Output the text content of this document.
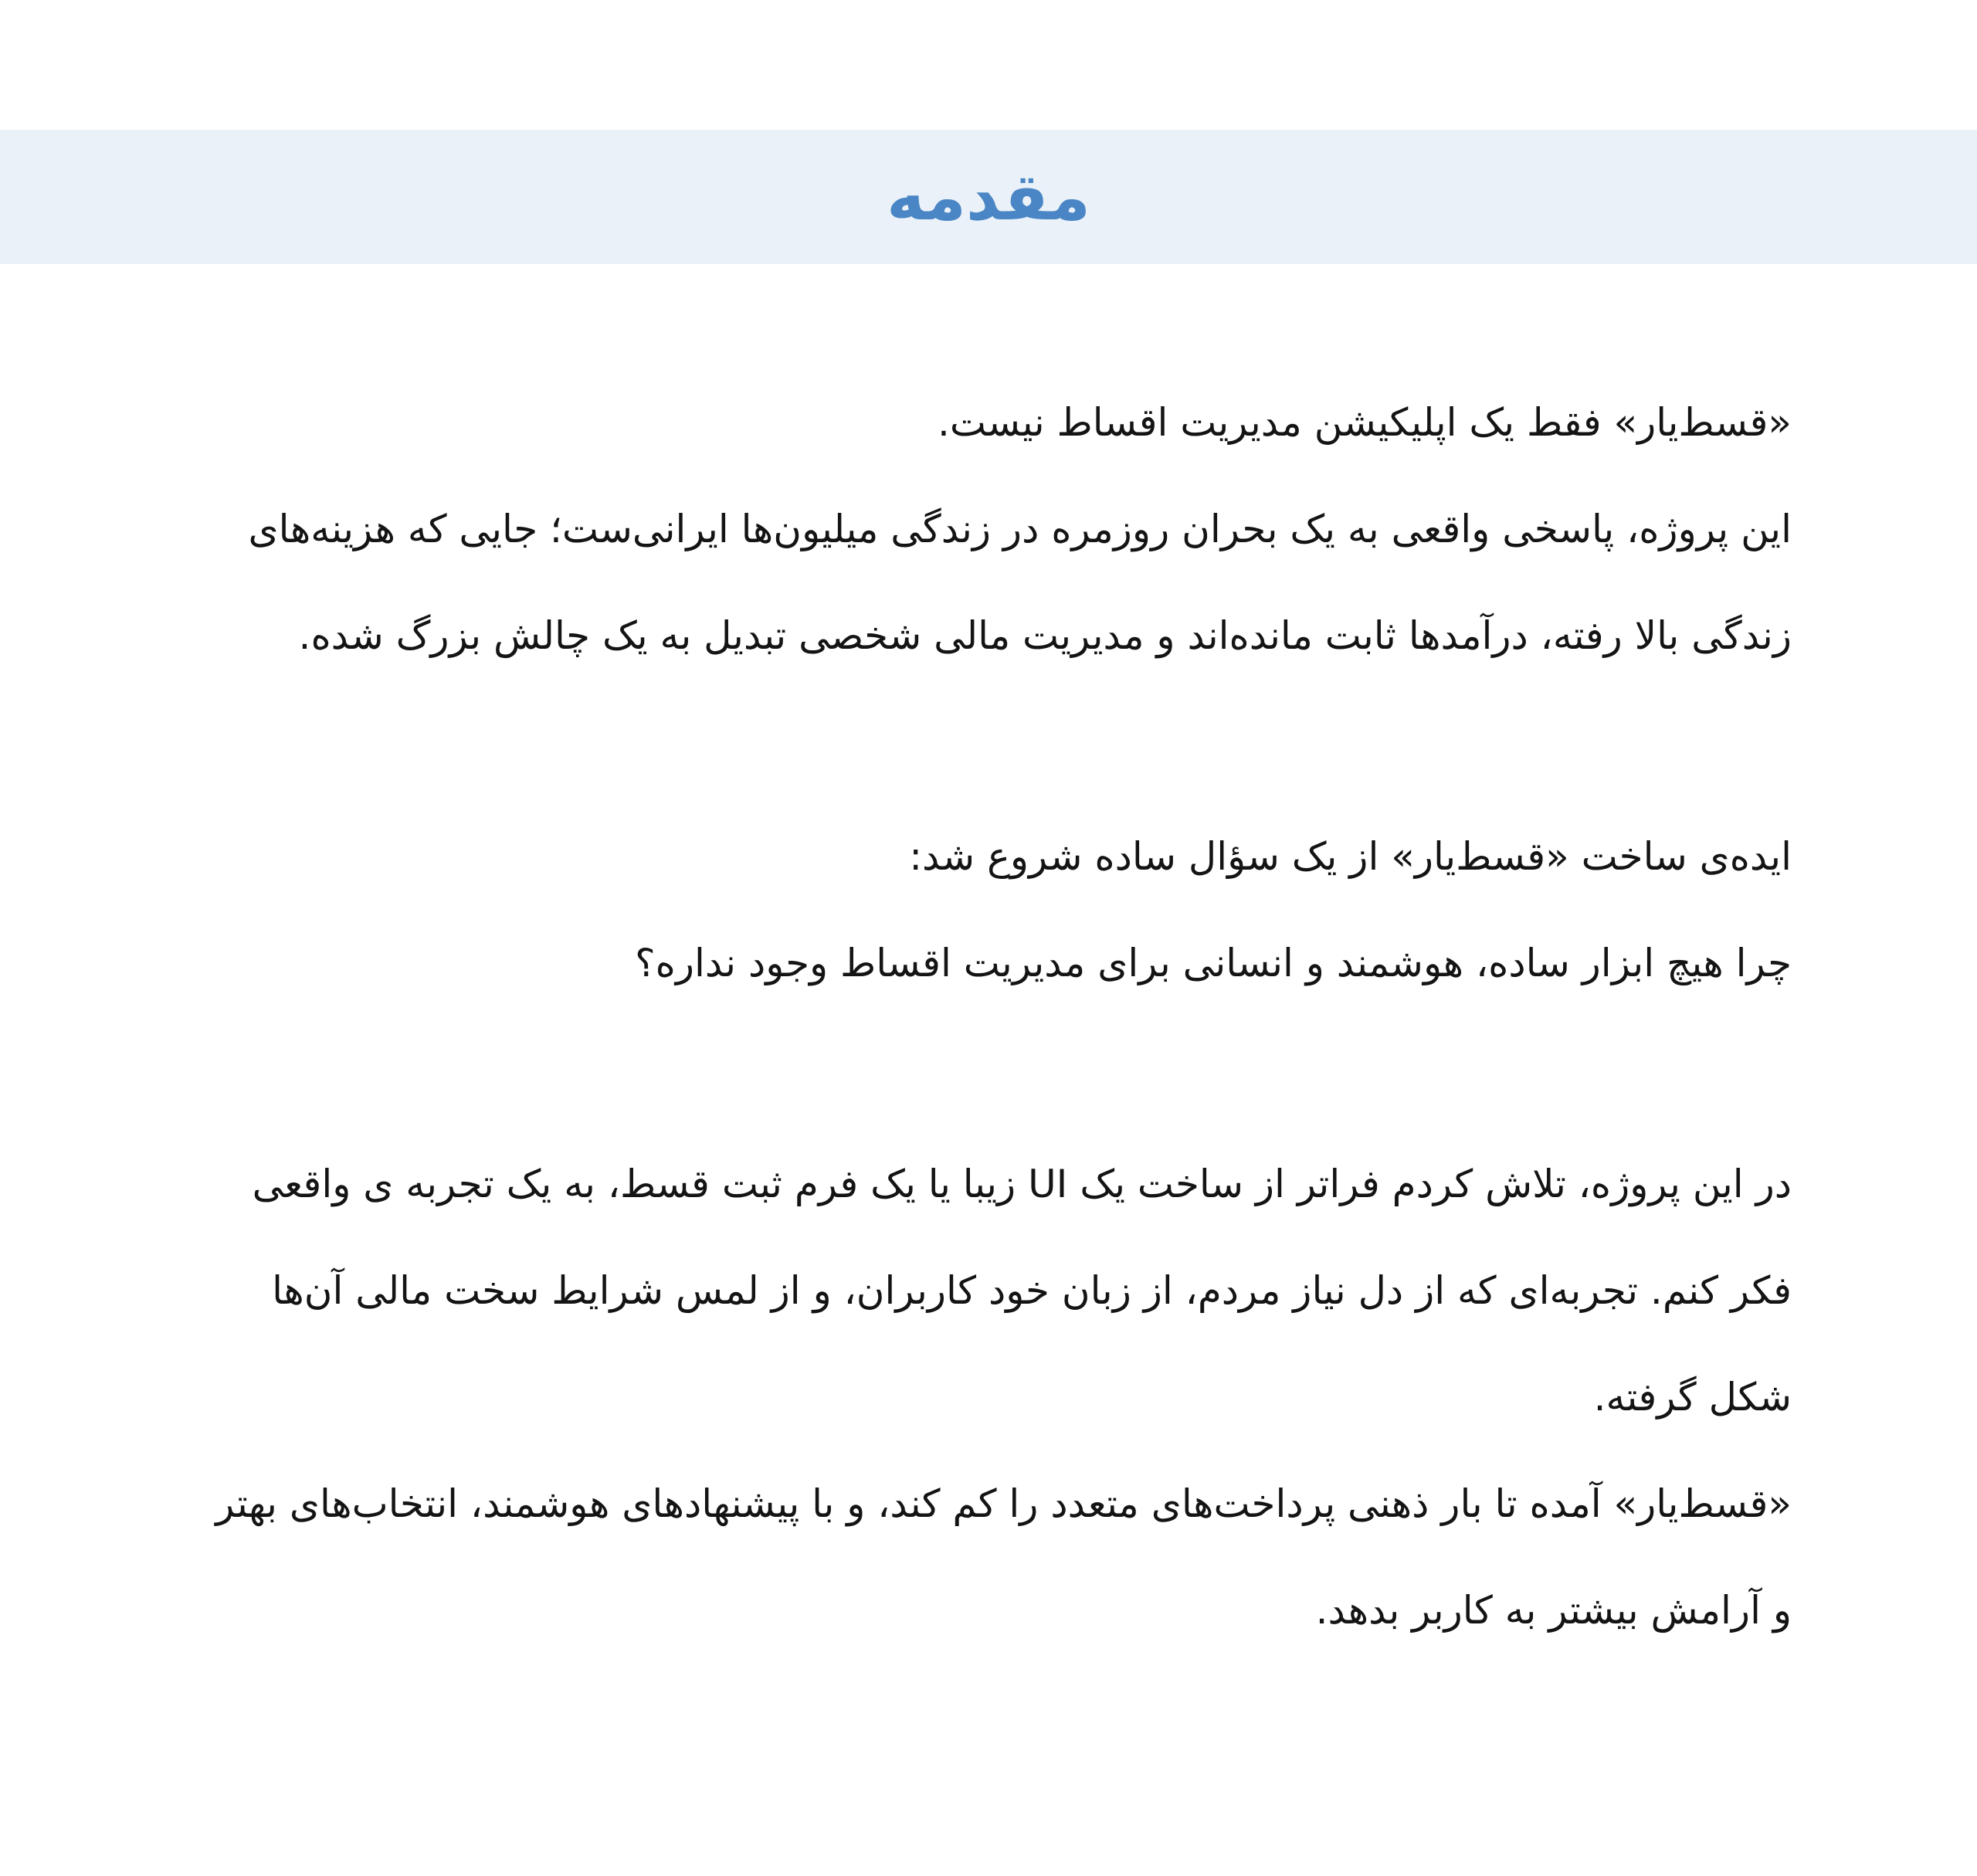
مقدمه

«قسط‌یار» فقط یک اپلیکیشن مدیریت اقساط نیست.

این پروژه، پاسخی واقعی به یک بحران روزمره در زندگی میلیون‌ها ایرانی‌ست؛ جایی که هزینه‌های زندگی بالا رفته، درآمدها ثابت مانده‌اند و مدیریت مالی شخصی تبدیل به یک چالش بزرگ شده.

ایده‌ی ساخت «قسط‌یار» از یک سؤال ساده شروع شد:

چرا هیچ ابزار ساده، هوشمند و انسانی برای مدیریت اقساط وجود نداره؟

در این پروژه، تلاش کردم فراتر از ساخت یک UI زیبا یا یک فرم ثبت قسط، به یک تجربه ی واقعی فکر کنم. تجربه‌ای که از دل نیاز مردم، از زبان خود کاربران، و از لمس شرایط سخت مالی آن‌ها شکل گرفته.

«قسط‌یار» آمده تا بار ذهنی پرداخت‌های متعدد را کم کند، و با پیشنهادهای هوشمند، انتخاب‌های بهتر و آرامش بیشتر به کاربر بدهد.
